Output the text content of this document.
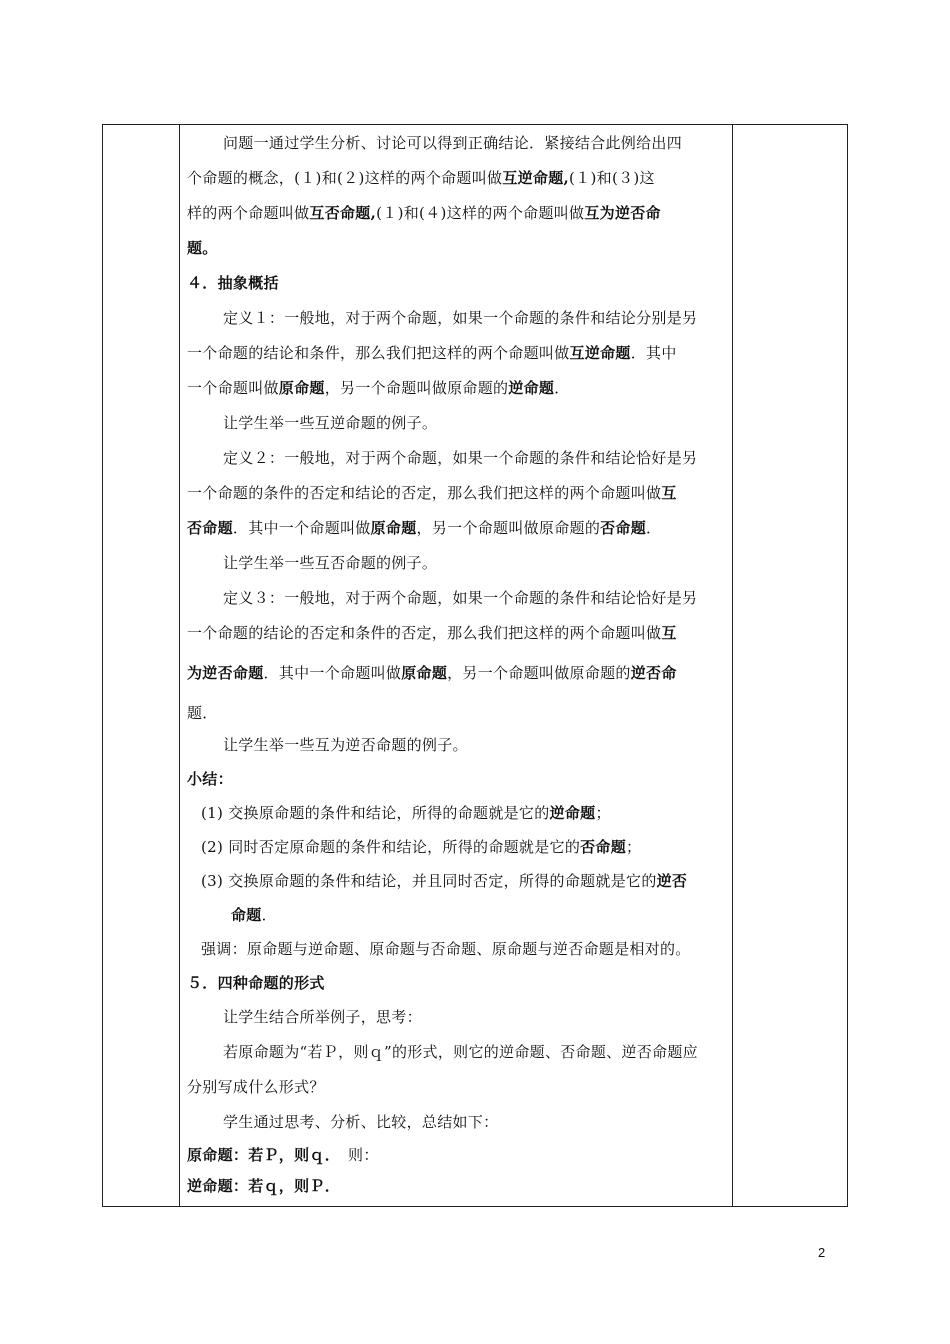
问题一通过学生分析、讨论可以得到正确结论．紧接结合此例给出四
个命题的概念，(１)和(２)这样的两个命题叫做互逆命题,(１)和(３)这
样的两个命题叫做互否命题,(１)和(４)这样的两个命题叫做互为逆否命
题。
４．抽象概括
定义１：一般地，对于两个命题，如果一个命题的条件和结论分别是另
一个命题的结论和条件，那么我们把这样的两个命题叫做互逆命题．其中
一个命题叫做原命题，另一个命题叫做原命题的逆命题．
让学生举一些互逆命题的例子。
定义２：一般地，对于两个命题，如果一个命题的条件和结论恰好是另
一个命题的条件的否定和结论的否定，那么我们把这样的两个命题叫做互
否命题．其中一个命题叫做原命题，另一个命题叫做原命题的否命题．
让学生举一些互否命题的例子。
定义３：一般地，对于两个命题，如果一个命题的条件和结论恰好是另
一个命题的结论的否定和条件的否定，那么我们把这样的两个命题叫做互
为逆否命题．其中一个命题叫做原命题，另一个命题叫做原命题的逆否命
题．
让学生举一些互为逆否命题的例子。
小结：
(1) 交换原命题的条件和结论，所得的命题就是它的逆命题；
(2) 同时否定原命题的条件和结论，所得的命题就是它的否命题；
(3) 交换原命题的条件和结论，并且同时否定，所得的命题就是它的逆否
命题．
强调：原命题与逆命题、原命题与否命题、原命题与逆否命题是相对的。
５．四种命题的形式
让学生结合所举例子，思考：
若原命题为“若Ｐ，则ｑ”的形式，则它的逆命题、否命题、逆否命题应
分别写成什么形式？
学生通过思考、分析、比较，总结如下：
原命题：若Ｐ，则ｑ． 则：
逆命题：若ｑ，则Ｐ．
2
